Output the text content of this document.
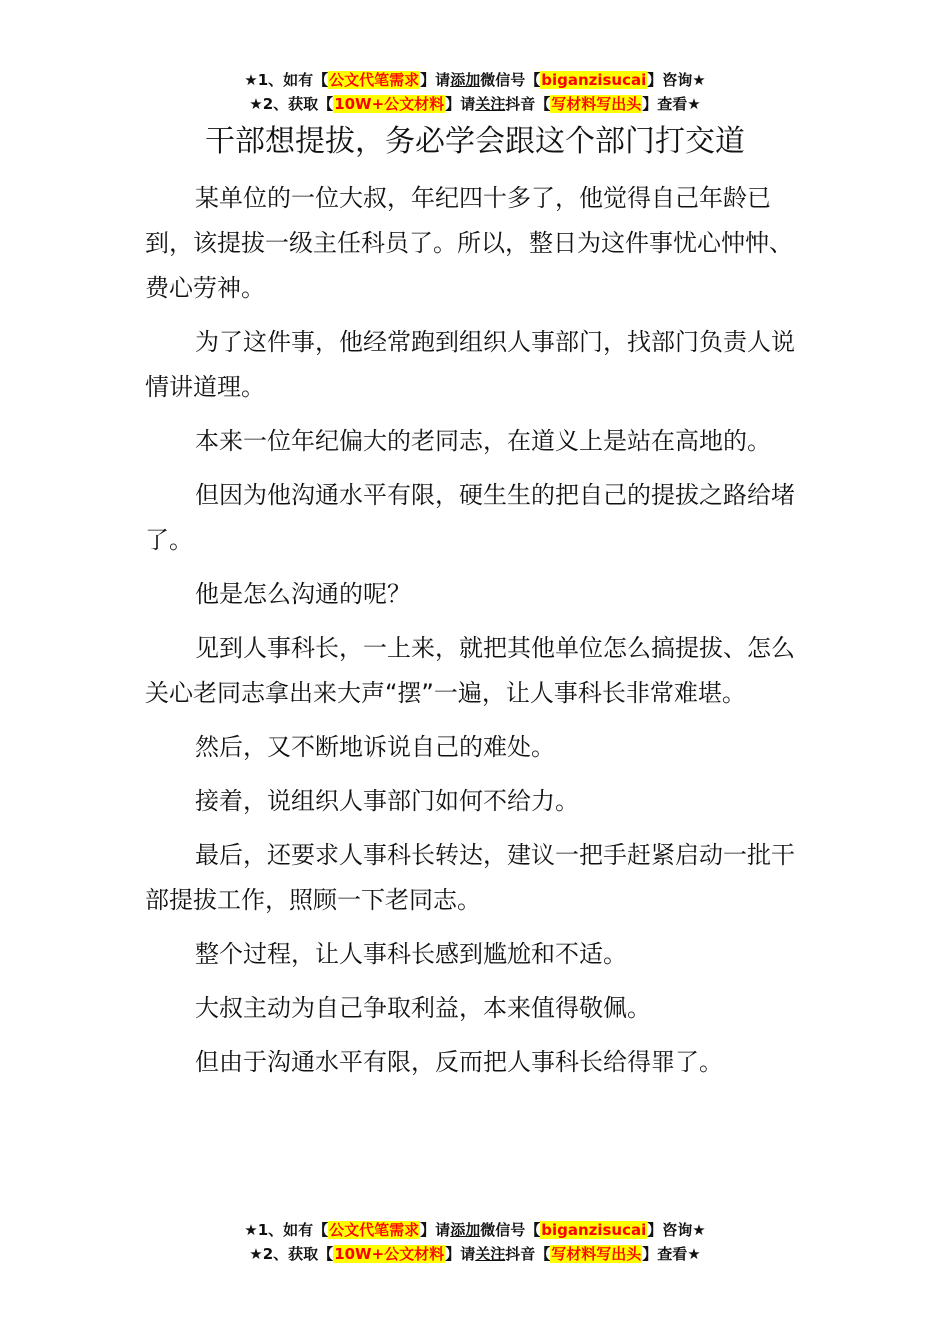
★1、如有【公文代笔需求】请添加微信号【biganzisucai】咨询★
★2、获取【10W+公文材料】请关注抖音【写材料写出头】查看★
干部想提拔，务必学会跟这个部门打交道

某单位的一位大叔，年纪四十多了，他觉得自己年龄已到，该提拔一级主任科员了。所以，整日为这件事忧心忡忡、费心劳神。

为了这件事，他经常跑到组织人事部门，找部门负责人说情讲道理。

本来一位年纪偏大的老同志，在道义上是站在高地的。

但因为他沟通水平有限，硬生生的把自己的提拔之路给堵了。

他是怎么沟通的呢？

见到人事科长，一上来，就把其他单位怎么搞提拔、怎么关心老同志拿出来大声“摆”一遍，让人事科长非常难堪。

然后，又不断地诉说自己的难处。

接着，说组织人事部门如何不给力。

最后，还要求人事科长转达，建议一把手赶紧启动一批干部提拔工作，照顾一下老同志。

整个过程，让人事科长感到尴尬和不适。

大叔主动为自己争取利益，本来值得敬佩。

但由于沟通水平有限，反而把人事科长给得罪了。

★1、如有【公文代笔需求】请添加微信号【biganzisucai】咨询★
★2、获取【10W+公文材料】请关注抖音【写材料写出头】查看★
